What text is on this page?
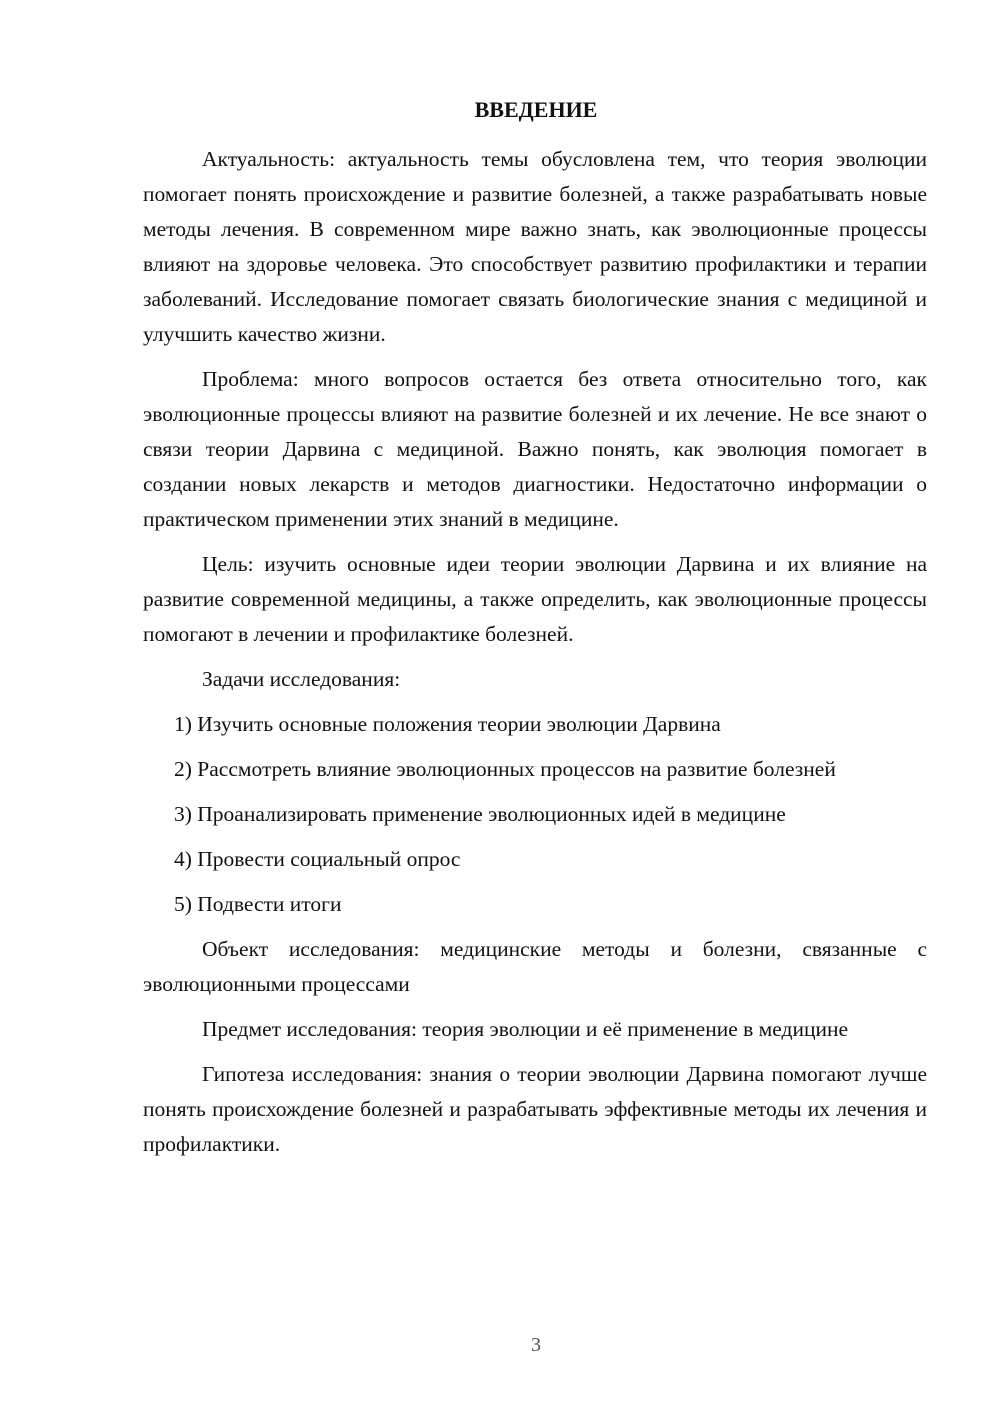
ВВЕДЕНИЕ

Актуальность: актуальность темы обусловлена тем, что теория эволюции помогает понять происхождение и развитие болезней, а также разрабатывать новые методы лечения. В современном мире важно знать, как эволюционные процессы влияют на здоровье человека. Это способствует развитию профилактики и терапии заболеваний. Исследование помогает связать биологические знания с медициной и улучшить качество жизни.

Проблема: много вопросов остается без ответа относительно того, как эволюционные процессы влияют на развитие болезней и их лечение. Не все знают о связи теории Дарвина с медициной. Важно понять, как эволюция помогает в создании новых лекарств и методов диагностики. Недостаточно информации о практическом применении этих знаний в медицине.

Цель: изучить основные идеи теории эволюции Дарвина и их влияние на развитие современной медицины, а также определить, как эволюционные процессы помогают в лечении и профилактике болезней.

Задачи исследования:

1) Изучить основные положения теории эволюции Дарвина

2) Рассмотреть влияние эволюционных процессов на развитие болезней

3) Проанализировать применение эволюционных идей в медицине

4) Провести социальный опрос

5) Подвести итоги

Объект исследования: медицинские методы и болезни, связанные с эволюционными процессами

Предмет исследования: теория эволюции и её применение в медицине

Гипотеза исследования: знания о теории эволюции Дарвина помогают лучше понять происхождение болезней и разрабатывать эффективные методы их лечения и профилактики.

3
